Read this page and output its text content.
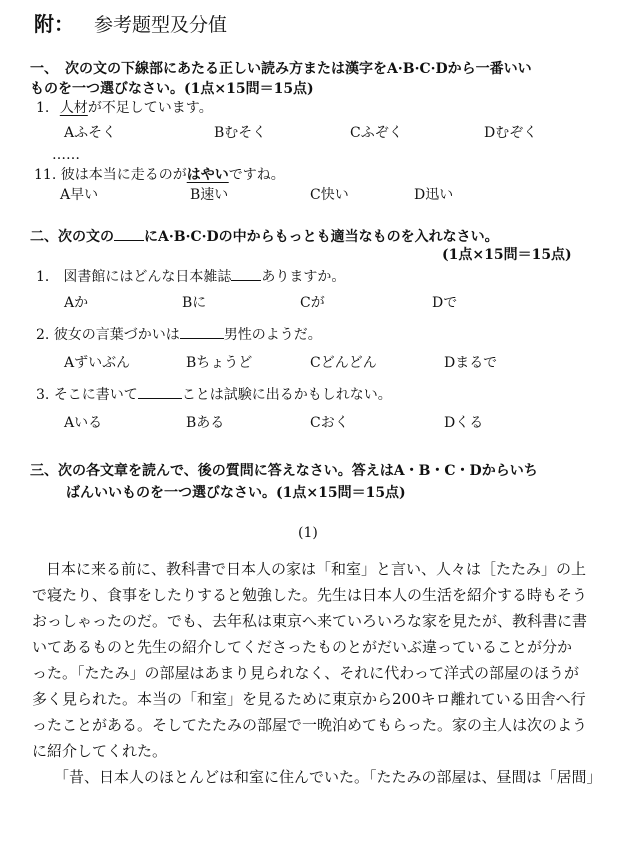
附： 参考题型及分值
一、　次の文の下線部にあたる正しい読み方または漢字をA·B·C·Dから一番いい
ものを一つ選びなさい。(1点×15問＝15点)
1. 人材が不足しています。
Aふそく	Bむそく	Cふぞく	Dむぞく
……
11. 彼は本当に走るのがはやいですね。
A早い	B速い	C快い	D迅い
二、次の文の にA·B·C·Dの中からもっとも適当なものを入れなさい。
(1点×15問＝15点)
1． 図書館にはどんな日本雑誌 ありますか。
Aか	Bに	Cが	Dで
2. 彼女の言葉づかいは	男性のようだ。
Aずいぶん	Bちょうど	Cどんどん	Dまるで
3. そこに書いて	ことは試験に出るかもしれない。
Aいる	Bある	Cおく	Dくる
三、次の各文章を読んで、後の質問に答えなさい。答えはA・B・C・Dからいち
ばんいいものを一つ選びなさい。(1点×15問＝15点)
(1)
日本に来る前に、教科書で日本人の家は「和室」と言い、人々は［たたみ」の上
で寝たり、食事をしたりすると勉強した。先生は日本人の生活を紹介する時もそう
おっしゃったのだ。でも、去年私は東京へ来ていろいろな家を見たが、教科書に書
いてあるものと先生の紹介してくださったものとがだいぶ違っていることが分か
った。「たたみ」の部屋はあまり見られなく、それに代わって洋式の部屋のほうが
多く見られた。本当の「和室」を見るために東京から200キロ離れている田舎へ行
ったことがある。そしてたたみの部屋で一晩泊めてもらった。家の主人は次のよう
に紹介してくれた。
「昔、日本人のほとんどは和室に住んでいた。「たたみの部屋は、昼間は「居間」
